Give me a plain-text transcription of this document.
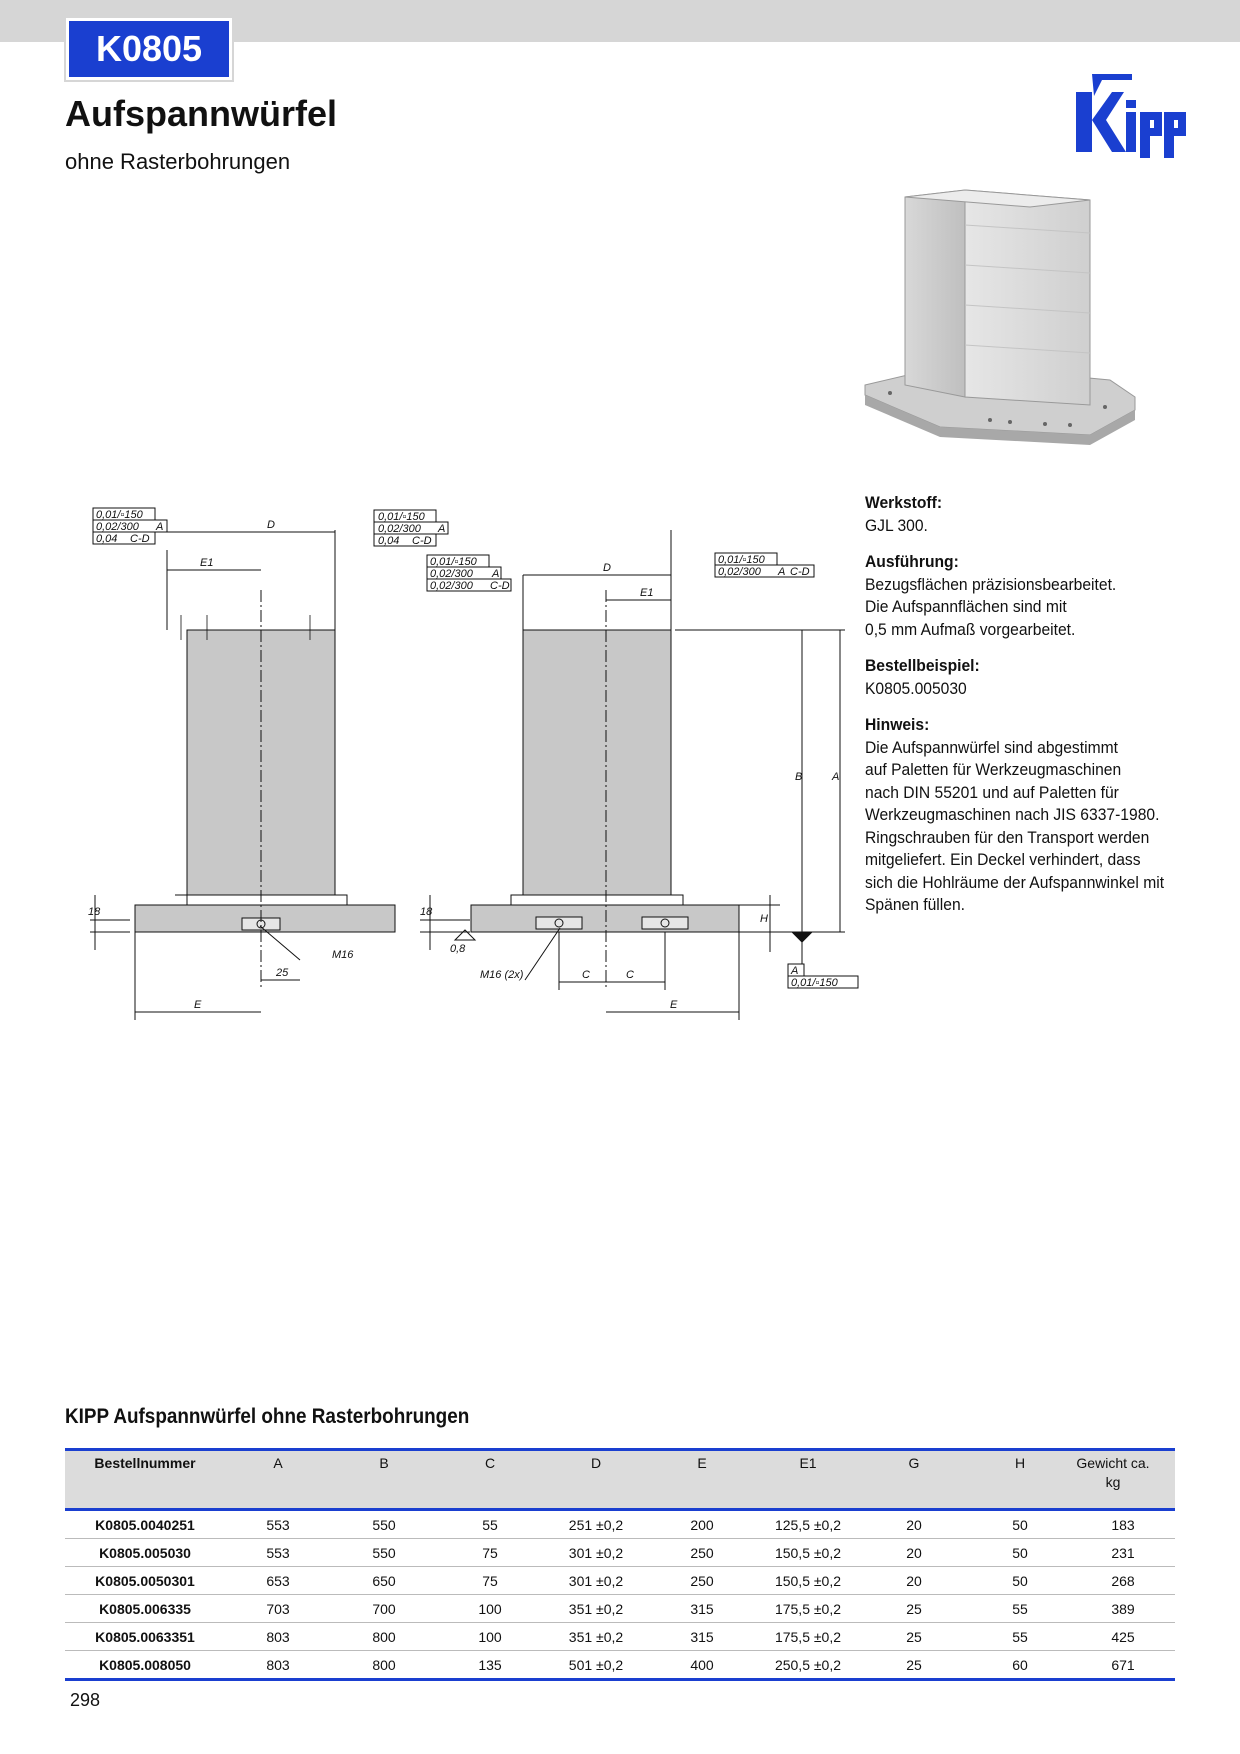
K0805
Aufspannwürfel
ohne Rasterbohrungen
0,01/▫150
0,02/300 A
0,04 C-D
D
E1
E
25
M16
18
0,01/▫150
0,02/300 A
0,04 C-D
0,01/▫150
0,02/300 A
0,02/300 C-D
0,01/▫150
0,02/300 A C-D
D
E1
E
C	C
M16 (2x)
0,8
18
B	A
H
A
0,01/▫150
Werkstoff:
GJL 300.
Ausführung:
Bezugsflächen präzisionsbearbeitet.
Die Aufspannflächen sind mit
0,5 mm Aufmaß vorgearbeitet.
Bestellbeispiel:
K0805.005030
Hinweis:
Die Aufspannwürfel sind abgestimmt
auf Paletten für Werkzeugmaschinen
nach DIN 55201 und auf Paletten für
Werkzeugmaschinen nach JIS 6337-1980.
Ringschrauben für den Transport werden
mitgeliefert. Ein Deckel verhindert, dass
sich die Hohlräume der Aufspannwinkel mit
Spänen füllen.
KIPP Aufspannwürfel ohne Rasterbohrungen
Bestellnummer	A	B	C	D	E	E1	G	H	Gewicht ca. kg
K0805.0040251	553	550	55	251 ±0,2	200	125,5 ±0,2	20	50	183
K0805.005030	553	550	75	301 ±0,2	250	150,5 ±0,2	20	50	231
K0805.0050301	653	650	75	301 ±0,2	250	150,5 ±0,2	20	50	268
K0805.006335	703	700	100	351 ±0,2	315	175,5 ±0,2	25	55	389
K0805.0063351	803	800	100	351 ±0,2	315	175,5 ±0,2	25	55	425
K0805.008050	803	800	135	501 ±0,2	400	250,5 ±0,2	25	60	671
298
